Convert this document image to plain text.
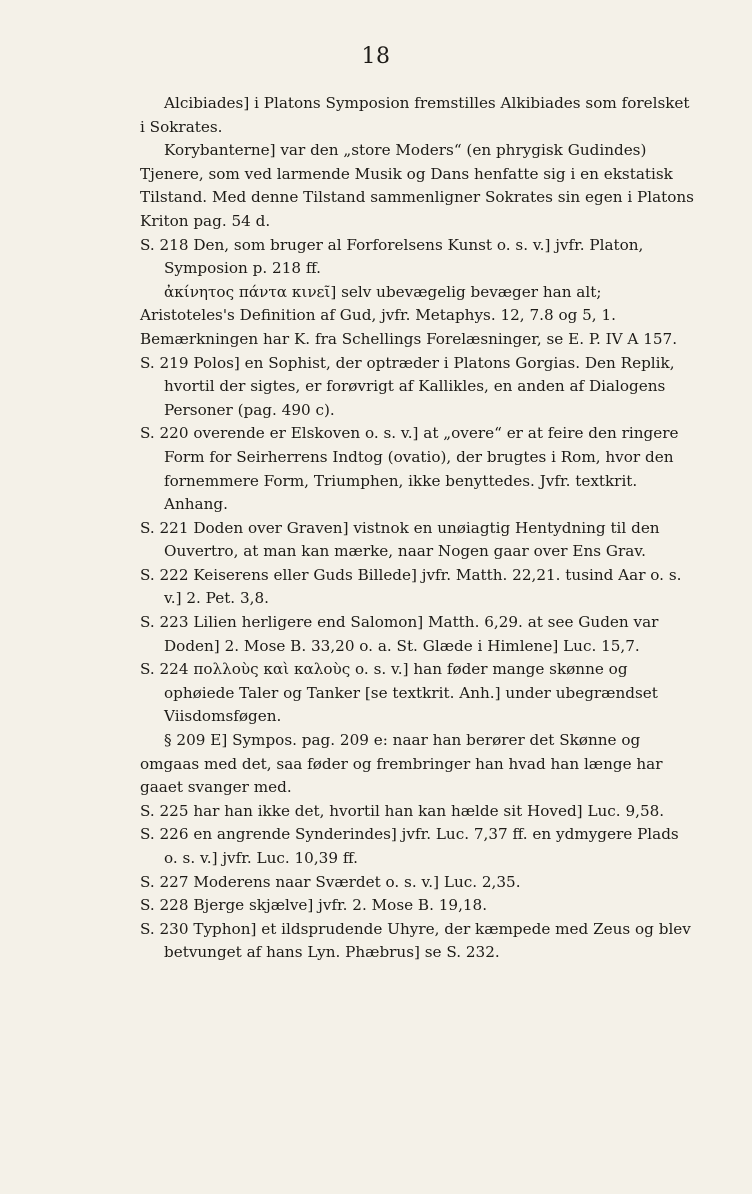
18

Alcibiades] i Platons Symposion fremstilles Alkibiades som forelsket i Sokrates.

Korybanterne] var den „store Moders“ (en phrygisk Gudindes) Tjenere, som ved larmende Musik og Dans henfatte sig i en ekstatisk Tilstand. Med denne Tilstand sammenligner Sokrates sin egen i Platons Kriton pag. 54 d.

S. 218 Den, som bruger al Forforelsens Kunst o. s. v.] jvfr. Platon, Symposion p. 218 ff.

ἀκίνητος πάντα κινεῖ] selv ubevægelig bevæger han alt; Aristoteles's Definition af Gud, jvfr. Metaphys. 12, 7.8 og 5, 1. Bemærkningen har K. fra Schellings Forelæsninger, se E. P. IV A 157.

S. 219 Polos] en Sophist, der optræder i Platons Gorgias. Den Replik, hvortil der sigtes, er forøvrigt af Kallikles, en anden af Dialogens Personer (pag. 490 c).

S. 220 overende er Elskoven o. s. v.] at „overe“ er at feire den ringere Form for Seirherrens Indtog (ovatio), der brugtes i Rom, hvor den fornemmere Form, Triumphen, ikke benyttedes. Jvfr. textkrit. Anhang.

S. 221 Doden over Graven] vistnok en unøiagtig Hentydning til den Ouvertro, at man kan mærke, naar Nogen gaar over Ens Grav.

S. 222 Keiserens eller Guds Billede] jvfr. Matth. 22,21. tusind Aar o. s. v.] 2. Pet. 3,8.

S. 223 Lilien herligere end Salomon] Matth. 6,29. at see Guden var Doden] 2. Mose B. 33,20 o. a. St. Glæde i Himlene] Luc. 15,7.

S. 224 πολλοὺς καὶ καλοὺς o. s. v.] han føder mange skønne og ophøiede Taler og Tanker [se textkrit. Anh.] under ubegrændset Viisdomsføgen.

§ 209 E] Sympos. pag. 209 e: naar han berører det Skønne og omgaas med det, saa føder og frembringer han hvad han længe har gaaet svanger med.

S. 225 har han ikke det, hvortil han kan hælde sit Hoved] Luc. 9,58.

S. 226 en angrende Synderindes] jvfr. Luc. 7,37 ff. en ydmygere Plads o. s. v.] jvfr. Luc. 10,39 ff.

S. 227 Moderens naar Sværdet o. s. v.] Luc. 2,35.

S. 228 Bjerge skjælve] jvfr. 2. Mose B. 19,18.

S. 230 Typhon] et ildsprudende Uhyre, der kæmpede med Zeus og blev betvunget af hans Lyn. Phæbrus] se S. 232.
